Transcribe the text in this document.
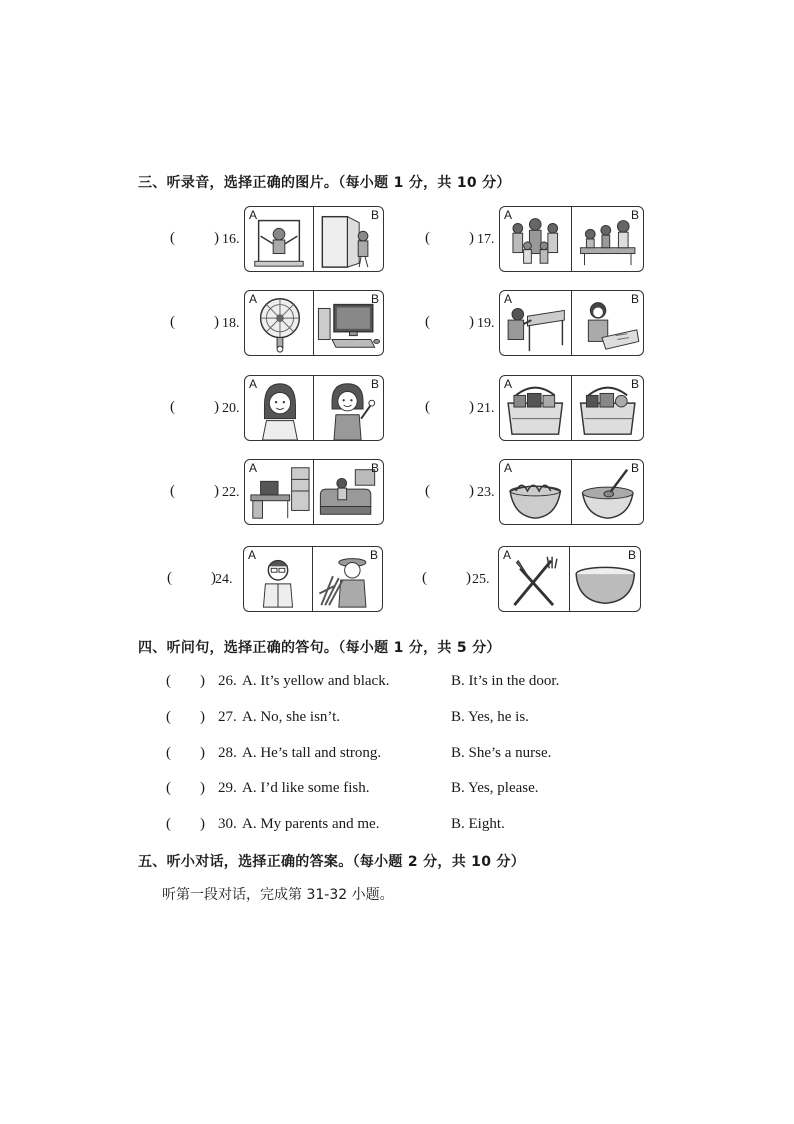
三、听录音，选择正确的图片。（每小题 1 分，共 10 分）
(	) 16.
A	B
(	) 17.
A	B
(	) 18.
A	B
(	) 19.
A	B
(	) 20.
A	B
(	) 21.
A	B
(	) 22.
A	B
(	) 23.
A	B
(	) 24.
A	B
(	) 25.
A	B
四、听问句，选择正确的答句。（每小题 1 分，共 5 分）
( ) 26. A. It’s yellow and black.	B. It’s in the door.
( ) 27. A. No, she isn’t.	B. Yes, he is.
( ) 28. A. He’s tall and strong.	B. She’s a nurse.
( ) 29. A. I’d like some fish.	B. Yes, please.
( ) 30. A. My parents and me.	B. Eight.
五、听小对话，选择正确的答案。（每小题 2 分，共 10 分）
听第一段对话，完成第 31-32 小题。
